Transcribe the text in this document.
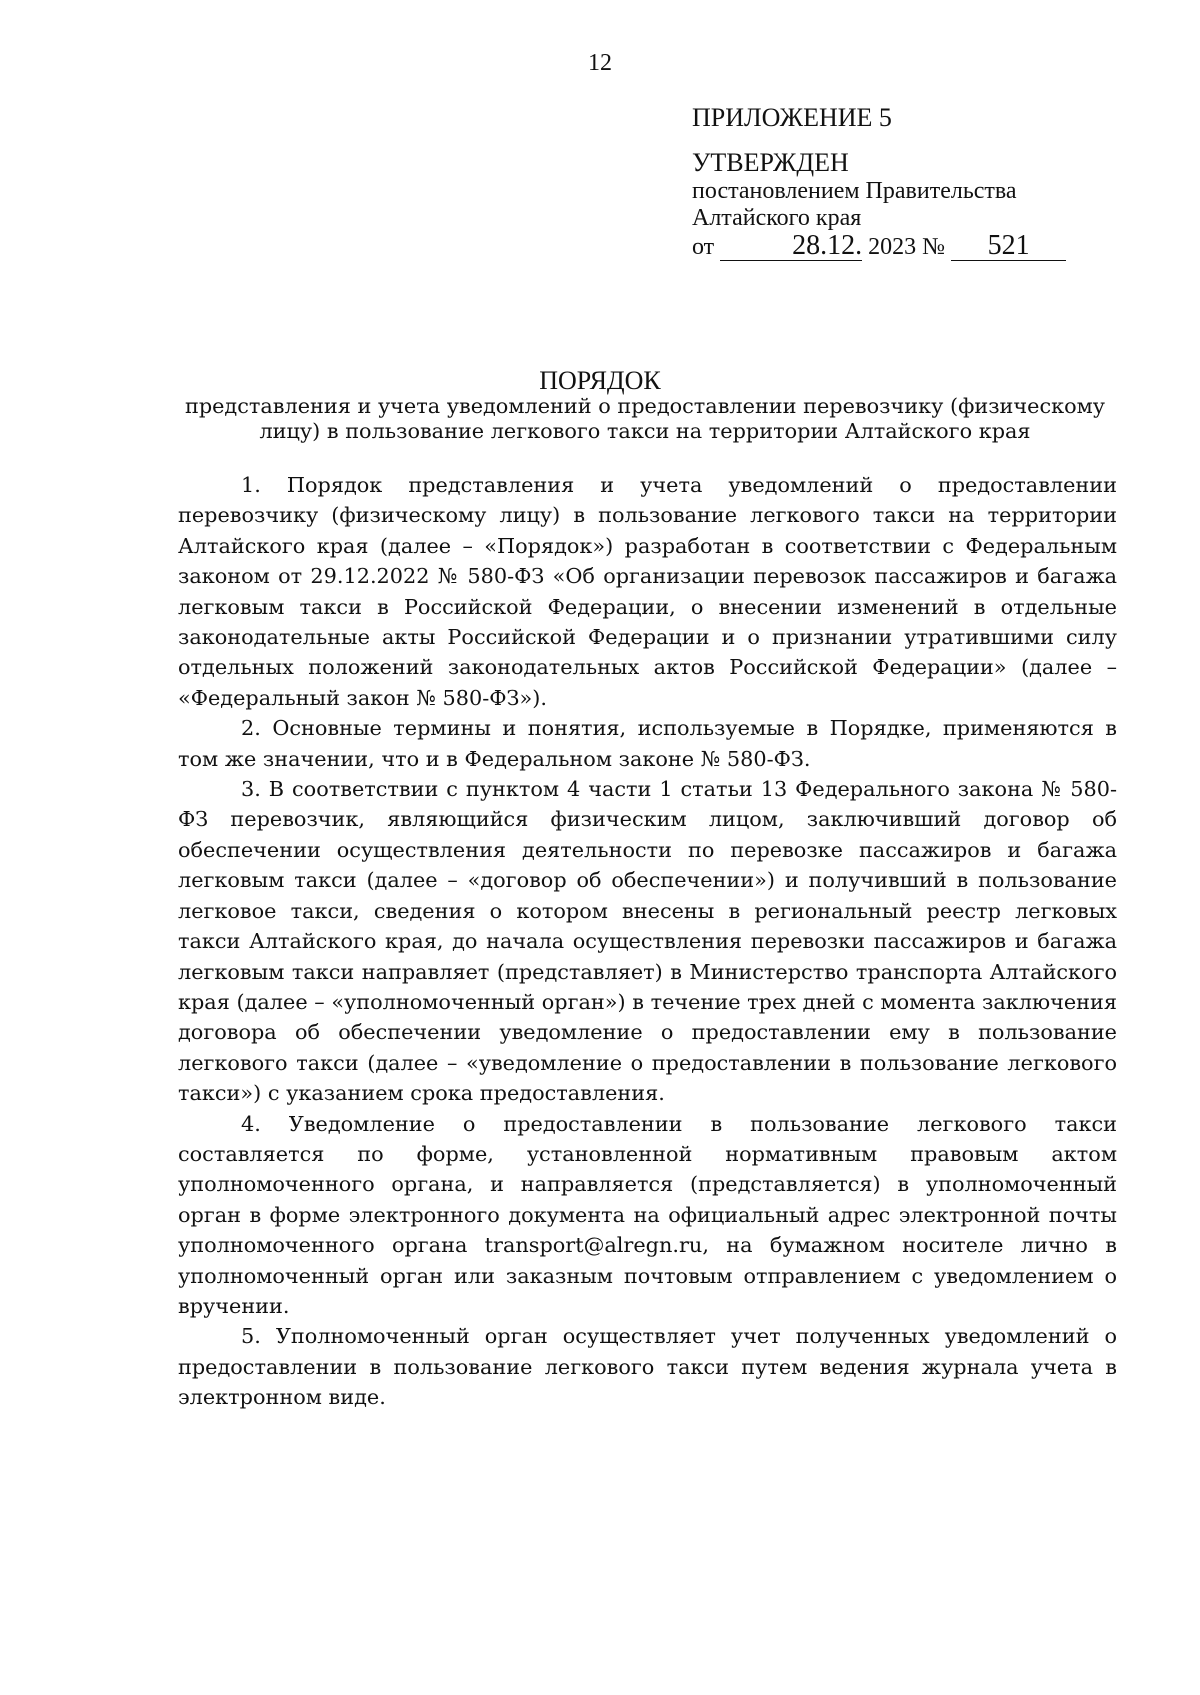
12
ПРИЛОЖЕНИЕ 5
УТВЕРЖДЕН
постановлением Правительства
Алтайского края
от	28.12. 2023 № 521
ПОРЯДОК
представления и учета уведомлений о предоставлении перевозчику (физическому лицу) в пользование легкового такси на территории Алтайского края

1. Порядок представления и учета уведомлений о предоставлении перевозчику (физическому лицу) в пользование легкового такси на территории Алтайского края (далее – «Порядок») разработан в соответствии с Федеральным законом от 29.12.2022 № 580-ФЗ «Об организации перевозок пассажиров и багажа легковым такси в Российской Федерации, о внесении изменений в отдельные законодательные акты Российской Федерации и о признании утратившими силу отдельных положений законодательных актов Российской Федерации» (далее – «Федеральный закон № 580-ФЗ»).

2. Основные термины и понятия, используемые в Порядке, применяются в том же значении, что и в Федеральном законе № 580-ФЗ.

3. В соответствии с пунктом 4 части 1 статьи 13 Федерального закона № 580-ФЗ перевозчик, являющийся физическим лицом, заключивший договор об обеспечении осуществления деятельности по перевозке пассажиров и багажа легковым такси (далее – «договор об обеспечении») и получивший в пользование легковое такси, сведения о котором внесены в региональный реестр легковых такси Алтайского края, до начала осуществления перевозки пассажиров и багажа легковым такси направляет (представляет) в Министерство транспорта Алтайского края (далее – «уполномоченный орган») в течение трех дней с момента заключения договора об обеспечении уведомление о предоставлении ему в пользование легкового такси (далее – «уведомление о предоставлении в пользование легкового такси») с указанием срока предоставления.

4. Уведомление о предоставлении в пользование легкового такси составляется по форме, установленной нормативным правовым актом уполномоченного органа, и направляется (представляется) в уполномоченный орган в форме электронного документа на официальный адрес электронной почты уполномоченного органа transport@alregn.ru, на бумажном носителе лично в уполномоченный орган или заказным почтовым отправлением с уведомлением о вручении.

5. Уполномоченный орган осуществляет учет полученных уведомлений о предоставлении в пользование легкового такси путем ведения журнала учета в электронном виде.
